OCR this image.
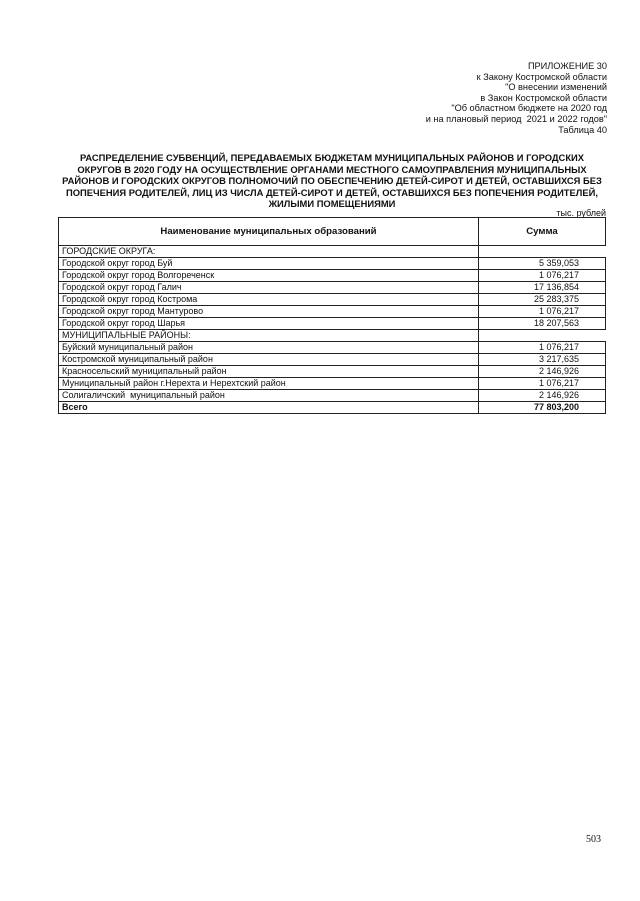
ПРИЛОЖЕНИЕ 30
к Закону Костромской области
"О внесении изменений
в Закон Костромской области
"Об областном бюджете на 2020 год
и на плановый период  2021 и 2022 годов"
Таблица 40
РАСПРЕДЕЛЕНИЕ СУБВЕНЦИЙ, ПЕРЕДАВАЕМЫХ БЮДЖЕТАМ МУНИЦИПАЛЬНЫХ РАЙОНОВ И ГОРОДСКИХ ОКРУГОВ В 2020 ГОДУ НА ОСУЩЕСТВЛЕНИЕ ОРГАНАМИ МЕСТНОГО САМОУПРАВЛЕНИЯ МУНИЦИПАЛЬНЫХ РАЙОНОВ И ГОРОДСКИХ ОКРУГОВ ПОЛНОМОЧИЙ ПО ОБЕСПЕЧЕНИЮ ДЕТЕЙ-СИРОТ И ДЕТЕЙ, ОСТАВШИХСЯ БЕЗ ПОПЕЧЕНИЯ РОДИТЕЛЕЙ, ЛИЦ ИЗ ЧИСЛА ДЕТЕЙ-СИРОТ И ДЕТЕЙ, ОСТАВШИХСЯ БЕЗ ПОПЕЧЕНИЯ РОДИТЕЛЕЙ, ЖИЛЫМИ ПОМЕЩЕНИЯМИ
тыс. рублей
Наименование муниципальных образований	Сумма
ГОРОДСКИЕ ОКРУГА:	
Городской округ город Буй	5 359,053
Городской округ город Волгореченск	1 076,217
Городской округ город Галич	17 136,854
Городской округ город Кострома	25 283,375
Городской округ город Мантурово	1 076,217
Городской округ город Шарья	18 207,563
МУНИЦИПАЛЬНЫЕ РАЙОНЫ:	
Буйский муниципальный район	1 076,217
Костромской муниципальный район	3 217,635
Красносельский муниципальный район	2 146,926
Муниципальный район г.Нерехта и Нерехтский район	1 076,217
Солигаличский  муниципальный район	2 146,926
Всего	77 803,200
503
